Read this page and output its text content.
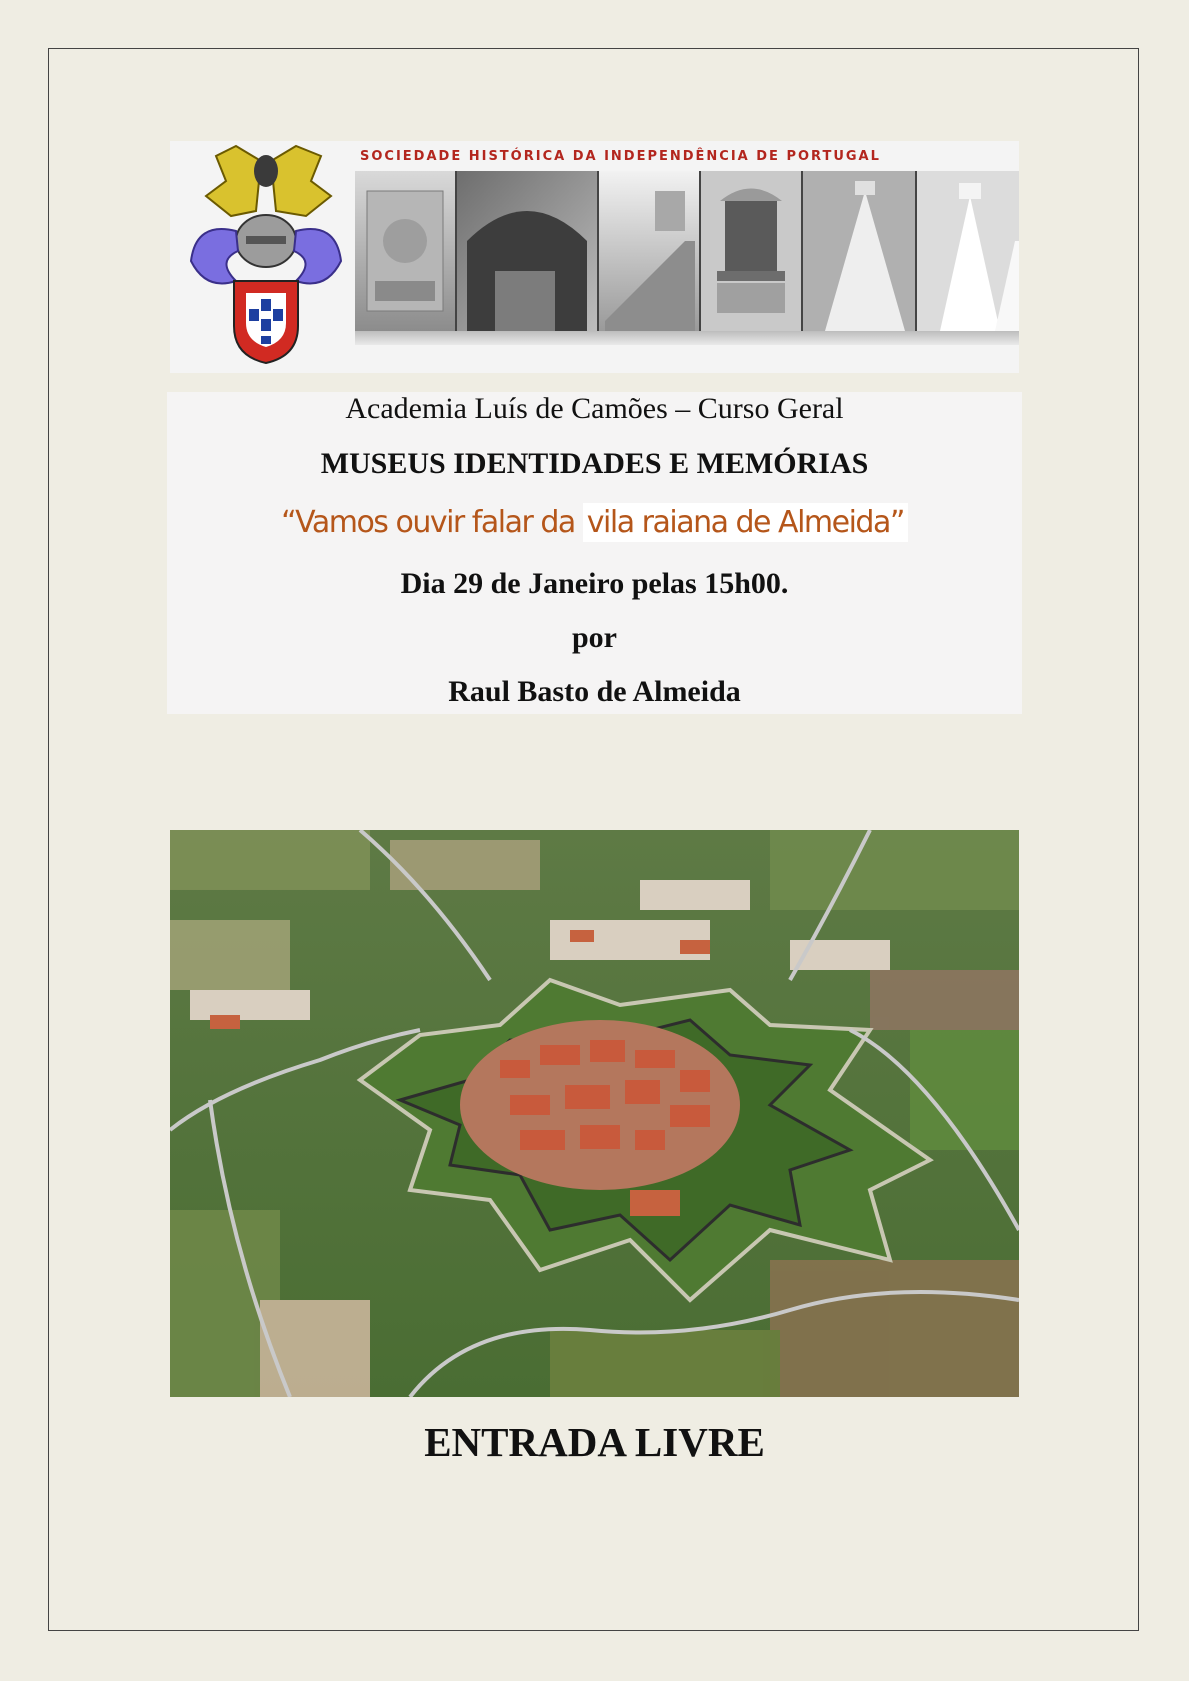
SOCIEDADE HISTÓRICA DA INDEPENDÊNCIA DE PORTUGAL
Academia Luís de Camões – Curso Geral
MUSEUS IDENTIDADES E MEMÓRIAS
“Vamos ouvir falar da vila raiana de Almeida”
Dia 29 de Janeiro pelas 15h00.
por
Raul Basto de Almeida
ENTRADA LIVRE
